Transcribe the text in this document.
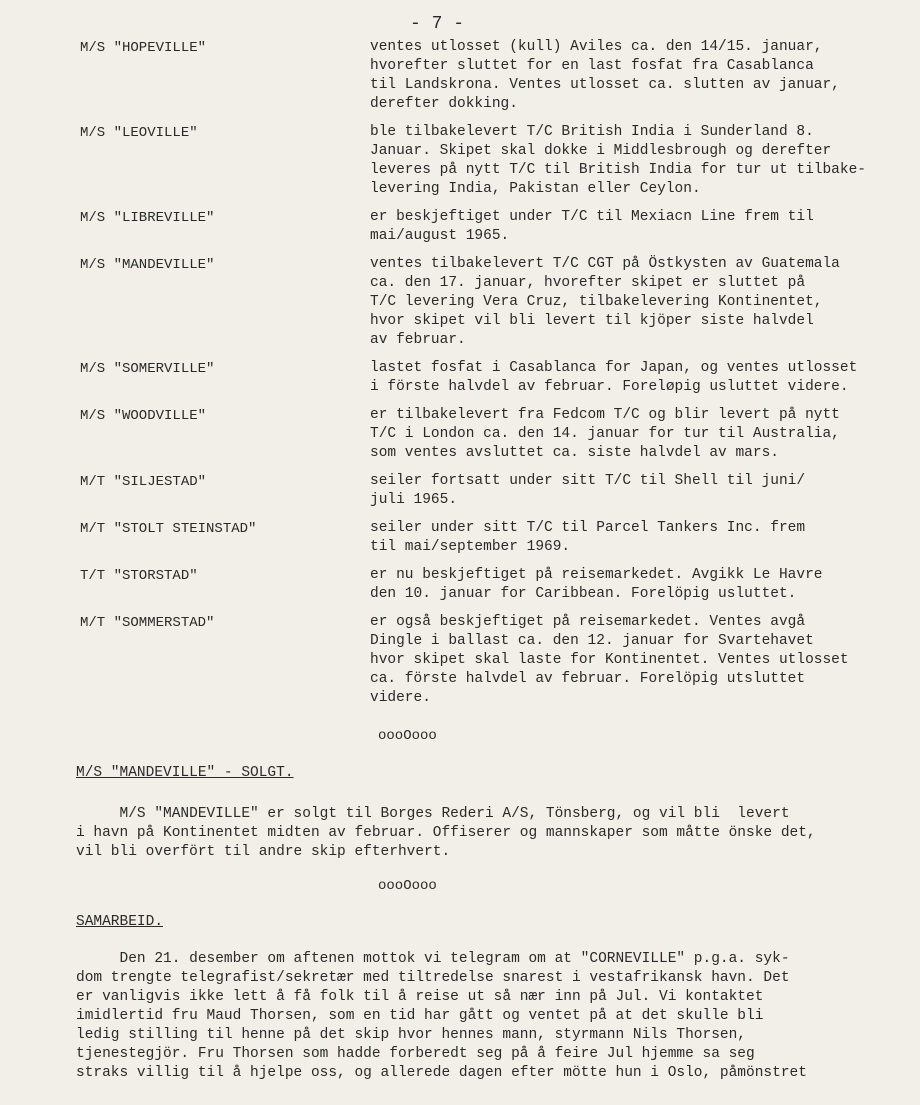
- 7 -
M/S "HOPEVILLE"	ventes utlosset (kull) Aviles ca. den 14/15. januar,
hvorefter sluttet for en last fosfat fra Casablanca
til Landskrona. Ventes utlosset ca. slutten av januar,
derefter dokking.
M/S "LEOVILLE"	ble tilbakelevert T/C British India i Sunderland 8.
Januar. Skipet skal dokke i Middlesbrough og derefter
leveres på nytt T/C til British India for tur ut tilbake-
levering India, Pakistan eller Ceylon.
M/S "LIBREVILLE"	er beskjeftiget under T/C til Mexiacn Line frem til
mai/august 1965.
M/S "MANDEVILLE"	ventes tilbakelevert T/C CGT på Östkysten av Guatemala
ca. den 17. januar, hvorefter skipet er sluttet på
T/C levering Vera Cruz, tilbakelevering Kontinentet,
hvor skipet vil bli levert til kjöper siste halvdel
av februar.
M/S "SOMERVILLE"	lastet fosfat i Casablanca for Japan, og ventes utlosset
i förste halvdel av februar. Foreløpig usluttet videre.
M/S "WOODVILLE"	er tilbakelevert fra Fedcom T/C og blir levert på nytt
T/C i London ca. den 14. januar for tur til Australia,
som ventes avsluttet ca. siste halvdel av mars.
M/T "SILJESTAD"	seiler fortsatt under sitt T/C til Shell til juni/
juli 1965.
M/T "STOLT STEINSTAD"	seiler under sitt T/C til Parcel Tankers Inc. frem
til mai/september 1969.
T/T "STORSTAD"	er nu beskjeftiget på reisemarkedet. Avgikk Le Havre
den 10. januar for Caribbean. Forelöpig usluttet.
M/T "SOMMERSTAD"	er også beskjeftiget på reisemarkedet. Ventes avgå
Dingle i ballast ca. den 12. januar for Svartehavet
hvor skipet skal laste for Kontinentet. Ventes utlosset
ca. förste halvdel av februar. Forelöpig utsluttet
videre.
oooOooo
M/S "MANDEVILLE" - SOLGT.
M/S "MANDEVILLE" er solgt til Borges Rederi A/S, Tönsberg, og vil bli  levert
i havn på Kontinentet midten av februar. Offiserer og mannskaper som måtte önske det,
vil bli overfört til andre skip efterhvert.
oooOooo
SAMARBEID.
Den 21. desember om aftenen mottok vi telegram om at "CORNEVILLE" p.g.a. syk-
dom trengte telegrafist/sekretær med tiltredelse snarest i vestafrikansk havn. Det
er vanligvis ikke lett å få folk til å reise ut så nær inn på Jul. Vi kontaktet
imidlertid fru Maud Thorsen, som en tid har gått og ventet på at det skulle bli
ledig stilling til henne på det skip hvor hennes mann, styrmann Nils Thorsen,
tjenestegjör. Fru Thorsen som hadde forberedt seg på å feire Jul hjemme sa seg
straks villig til å hjelpe oss, og allerede dagen efter mötte hun i Oslo, påmönstret
